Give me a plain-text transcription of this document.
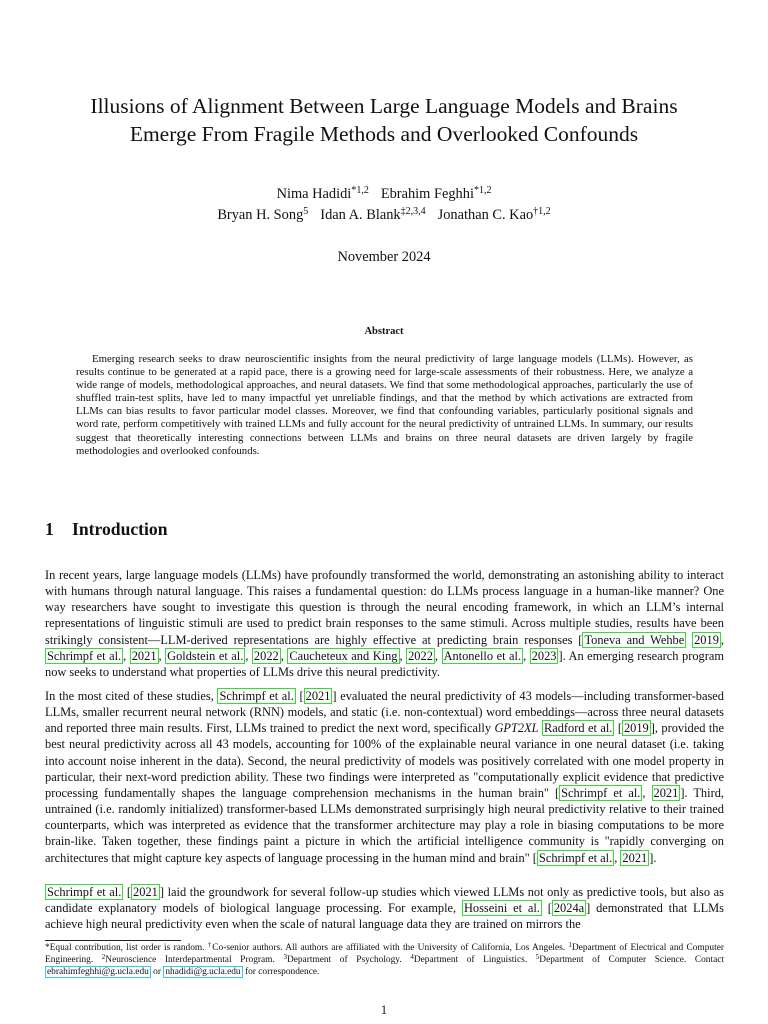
Illusions of Alignment Between Large Language Models and Brains
Emerge From Fragile Methods and Overlooked Confounds
Nima Hadidi$^{*1,2}$ Ebrahim Feghhi$^{*1,2}$
Bryan H. Song$^5$ Idan A. Blank$^{\ddagger 2,3,4}$ Jonathan C. Kao$^{\dagger 1,2}$
November 2024
Abstract
Emerging research seeks to draw neuroscientific insights from the neural predictivity of large language models (LLMs). However, as results continue to be generated at a rapid pace, there is a growing need for large-scale assessments of their robustness. Here, we analyze a wide range of models, methodological approaches, and neural datasets. We find that some methodological approaches, particularly the use of shuffled train-test splits, have led to many impactful yet unreliable findings, and that the method by which activations are extracted from LLMs can bias results to favor particular model classes. Moreover, we find that confounding variables, particularly positional signals and word rate, perform competitively with trained LLMs and fully account for the neural predictivity of untrained LLMs. In summary, our results suggest that theoretically interesting connections between LLMs and brains on three neural datasets are driven largely by fragile methodologies and overlooked confounds.
1 Introduction
In recent years, large language models (LLMs) have profoundly transformed the world, demonstrating an astonishing ability to interact with humans through natural language. This raises a fundamental question: do LLMs process language in a human-like manner? One way researchers have sought to investigate this question is through the neural encoding framework, in which an LLM’s internal representations of linguistic stimuli are used to predict brain responses to the same stimuli. Across multiple studies, results have been strikingly consistent—LLM-derived representations are highly effective at predicting brain responses [ Toneva and Wehbe 2019 , Schrimpf et al. , 2021 , Goldstein et al. , 2022 , Caucheteux and King , 2022 , Antonello et al. , 2023 ]. An emerging research program now seeks to understand what properties of LLMs drive this neural predictivity.
In the most cited of these studies, Schrimpf et al. [ 2021 ] evaluated the neural predictivity of 43 models—including transformer-based LLMs, smaller recurrent neural network (RNN) models, and static (i.e. non-contextual) word embeddings—across three neural datasets and reported three main results. First, LLMs trained to predict the next word, specifically GPT2XL Radford et al. [ 2019 ], provided the best neural predictivity across all 43 models, accounting for 100% of the explainable neural variance in one neural dataset (i.e. taking into account noise inherent in the data). Second, the neural predictivity of models was positively correlated with one model property in particular, their next-word prediction ability. These two findings were interpreted as "computationally explicit evidence that predictive processing fundamentally shapes the language comprehension mechanisms in the human brain" [ Schrimpf et al. , 2021 ]. Third, untrained (i.e. randomly initialized) transformer-based LLMs demonstrated surprisingly high neural predictivity relative to their trained counterparts, which was interpreted as evidence that the transformer architecture may play a role in biasing computations to be more brain-like. Taken together, these findings paint a picture in which the artificial intelligence community is "rapidly converging on architectures that might capture key aspects of language processing in the human mind and brain" [ Schrimpf et al. , 2021 ].
Schrimpf et al. [ 2021 ] laid the groundwork for several follow-up studies which viewed LLMs not only as predictive tools, but also as candidate explanatory models of biological language processing. For example, Hosseini et al. [ 2024a ] demonstrated that LLMs achieve high neural predictivity even when the scale of natural language data they are trained on mirrors the
*Equal contribution, list order is random. †Co-senior authors. All authors are affiliated with the University of California, Los Angeles. $^1$Department of Electrical and Computer Engineering. $^2$Neuroscience Interdepartmental Program. $^3$Department of Psychology. $^4$Department of Linguistics. $^5$Department of Computer Science. Contact ebrahimfeghhi@g.ucla.edu or nhadidi@g.ucla.edu for correspondence.
1
